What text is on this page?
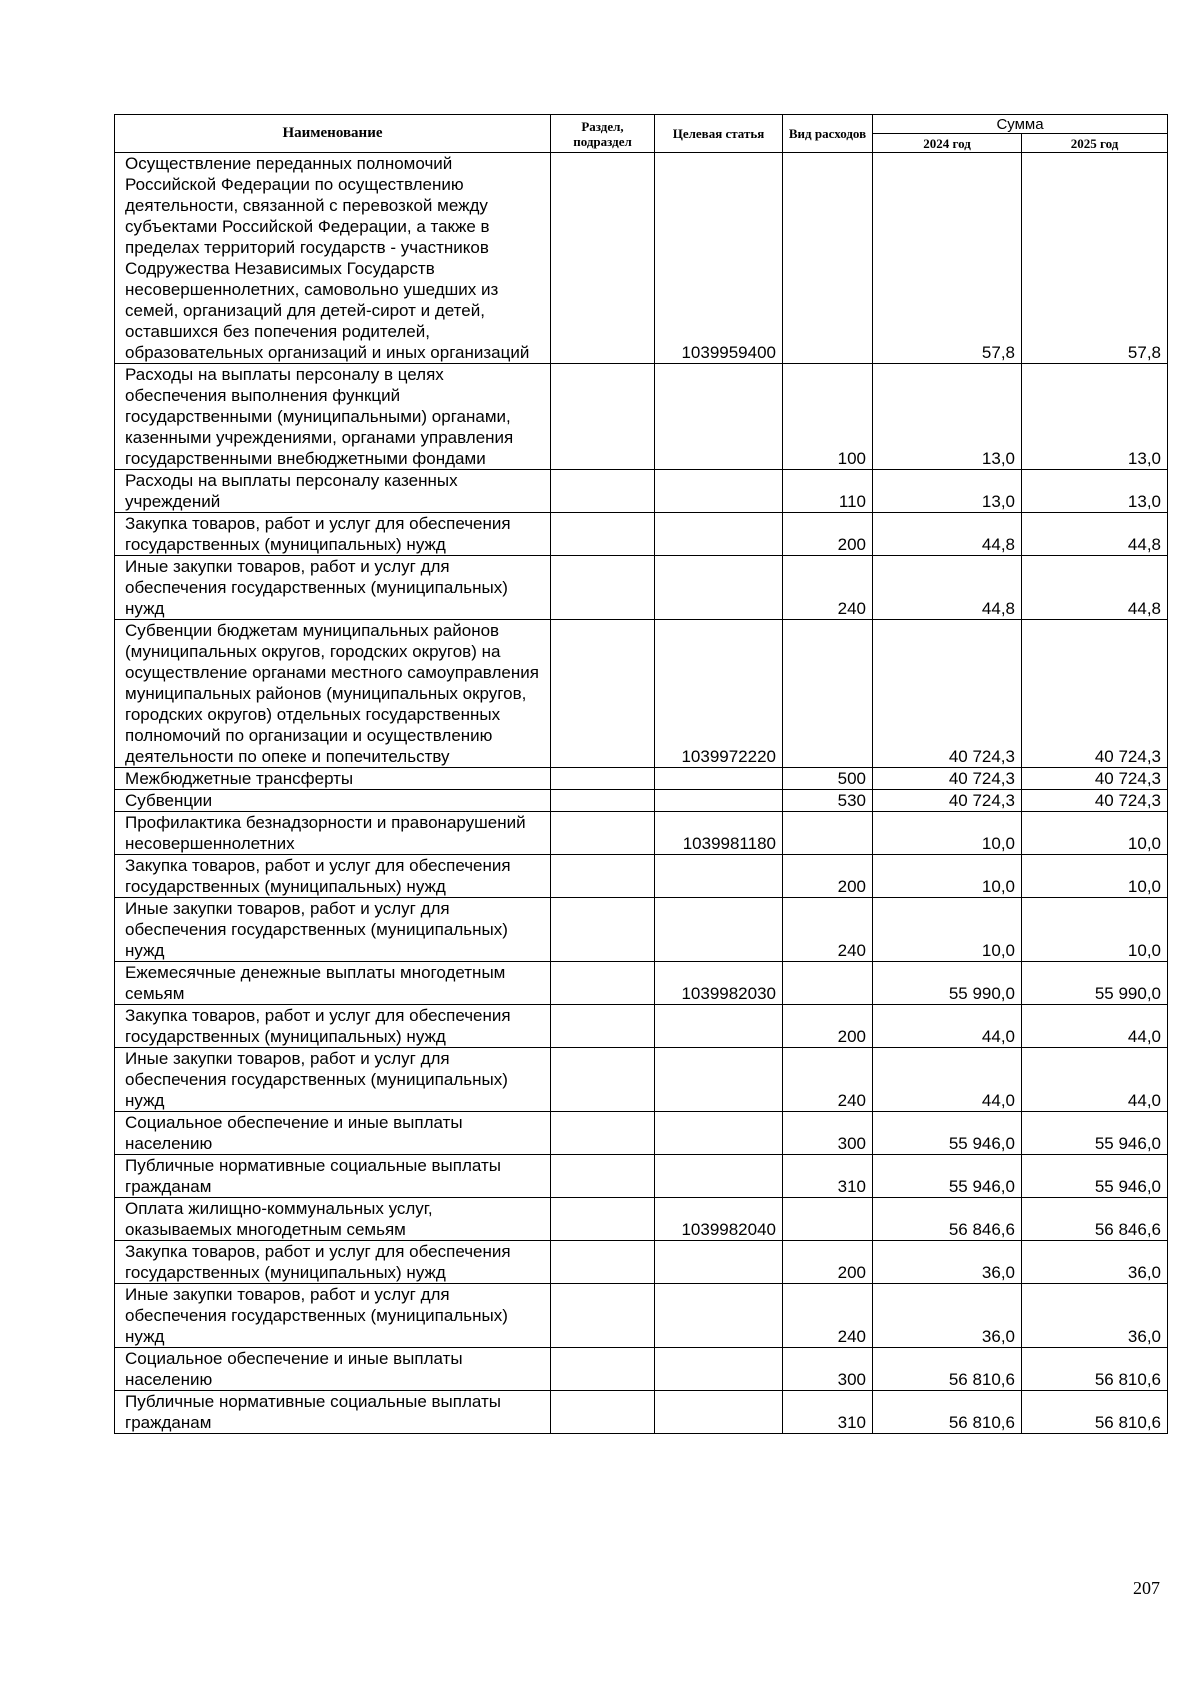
Наименование	Раздел, подраздел	Целевая статья	Вид расходов	Сумма	
				2024 год	2025 год
Осуществление переданных полномочий Российской Федерации по осуществлению деятельности, связанной с перевозкой между субъектами Российской Федерации, а также в пределах территорий государств - участников Содружества Независимых Государств несовершеннолетних, самовольно ушедших из семей, организаций для детей-сирот и детей, оставшихся без попечения родителей, образовательных организаций и иных организаций		1039959400		57,8	57,8
Расходы на выплаты персоналу в целях обеспечения выполнения функций государственными (муниципальными) органами, казенными учреждениями, органами управления государственными внебюджетными фондами			100	13,0	13,0
Расходы на выплаты персоналу казенных учреждений			110	13,0	13,0
Закупка товаров, работ и услуг для обеспечения государственных (муниципальных) нужд			200	44,8	44,8
Иные закупки товаров, работ и услуг для обеспечения государственных (муниципальных) нужд			240	44,8	44,8
Субвенции бюджетам муниципальных районов (муниципальных округов, городских округов) на осуществление органами местного самоуправления муниципальных районов (муниципальных округов, городских округов) отдельных государственных полномочий по организации и осуществлению деятельности по опеке и попечительству		1039972220		40 724,3	40 724,3
Межбюджетные трансферты			500	40 724,3	40 724,3
Субвенции			530	40 724,3	40 724,3
Профилактика безнадзорности и правонарушений несовершеннолетних		1039981180		10,0	10,0
Закупка товаров, работ и услуг для обеспечения государственных (муниципальных) нужд			200	10,0	10,0
Иные закупки товаров, работ и услуг для обеспечения государственных (муниципальных) нужд			240	10,0	10,0
Ежемесячные денежные выплаты многодетным семьям		1039982030		55 990,0	55 990,0
Закупка товаров, работ и услуг для обеспечения государственных (муниципальных) нужд			200	44,0	44,0
Иные закупки товаров, работ и услуг для обеспечения государственных (муниципальных) нужд			240	44,0	44,0
Социальное обеспечение и иные выплаты населению			300	55 946,0	55 946,0
Публичные нормативные социальные выплаты гражданам			310	55 946,0	55 946,0
Оплата жилищно-коммунальных услуг, оказываемых многодетным семьям		1039982040		56 846,6	56 846,6
Закупка товаров, работ и услуг для обеспечения государственных (муниципальных) нужд			200	36,0	36,0
Иные закупки товаров, работ и услуг для обеспечения государственных (муниципальных) нужд			240	36,0	36,0
Социальное обеспечение и иные выплаты населению			300	56 810,6	56 810,6
Публичные нормативные социальные выплаты гражданам			310	56 810,6	56 810,6
207
